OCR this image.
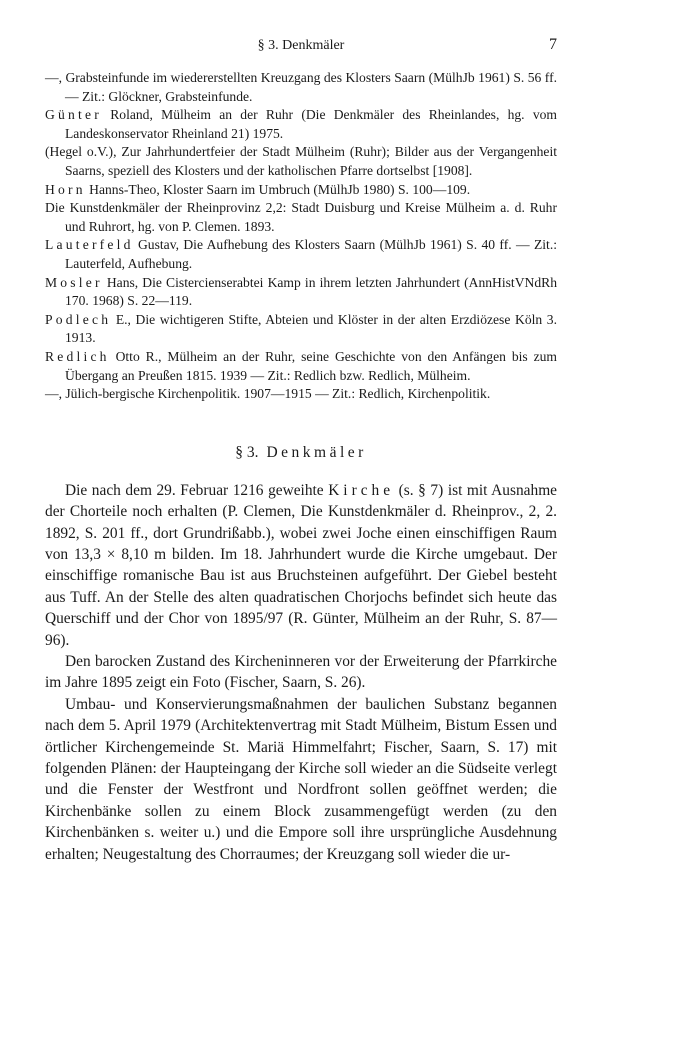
§ 3. Denkmäler	7
—, Grabsteinfunde im wiedererstellten Kreuzgang des Klosters Saarn (MülhJb 1961) S. 56 ff. — Zit.: Glöckner, Grabsteinfunde.
Günter Roland, Mülheim an der Ruhr (Die Denkmäler des Rheinlandes, hg. vom Landeskonservator Rheinland 21) 1975.
(Hegel o.V.), Zur Jahrhundertfeier der Stadt Mülheim (Ruhr); Bilder aus der Vergangenheit Saarns, speziell des Klosters und der katholischen Pfarre dortselbst [1908].
Horn Hanns-Theo, Kloster Saarn im Umbruch (MülhJb 1980) S. 100—109.
Die Kunstdenkmäler der Rheinprovinz 2,2: Stadt Duisburg und Kreise Mülheim a. d. Ruhr und Ruhrort, hg. von P. Clemen. 1893.
Lauterfeld Gustav, Die Aufhebung des Klosters Saarn (MülhJb 1961) S. 40 ff. — Zit.: Lauterfeld, Aufhebung.
Mosler Hans, Die Cistercienserabtei Kamp in ihrem letzten Jahrhundert (AnnHistVNdRh 170. 1968) S. 22—119.
Podlech E., Die wichtigeren Stifte, Abteien und Klöster in der alten Erzdiözese Köln 3. 1913.
Redlich Otto R., Mülheim an der Ruhr, seine Geschichte von den Anfängen bis zum Übergang an Preußen 1815. 1939 — Zit.: Redlich bzw. Redlich, Mülheim.
—, Jülich-bergische Kirchenpolitik. 1907—1915 — Zit.: Redlich, Kirchenpolitik.
§ 3. Denkmäler

Die nach dem 29. Februar 1216 geweihte Kirche (s. § 7) ist mit Ausnahme der Chorteile noch erhalten (P. Clemen, Die Kunstdenkmäler d. Rheinprov., 2, 2. 1892, S. 201 ff., dort Grundrißabb.), wobei zwei Joche einen einschiffigen Raum von 13,3 × 8,10 m bilden. Im 18. Jahrhundert wurde die Kirche umgebaut. Der einschiffige romanische Bau ist aus Bruchsteinen aufgeführt. Der Giebel besteht aus Tuff. An der Stelle des alten quadratischen Chorjochs befindet sich heute das Querschiff und der Chor von 1895/97 (R. Günter, Mülheim an der Ruhr, S. 87—96).

Den barocken Zustand des Kircheninneren vor der Erweiterung der Pfarrkirche im Jahre 1895 zeigt ein Foto (Fischer, Saarn, S. 26).

Umbau- und Konservierungsmaßnahmen der baulichen Substanz begannen nach dem 5. April 1979 (Architektenvertrag mit Stadt Mülheim, Bistum Essen und örtlicher Kirchengemeinde St. Mariä Himmelfahrt; Fischer, Saarn, S. 17) mit folgenden Plänen: der Haupteingang der Kirche soll wieder an die Südseite verlegt und die Fenster der Westfront und Nordfront sollen geöffnet werden; die Kirchenbänke sollen zu einem Block zusammengefügt werden (zu den Kirchenbänken s. weiter u.) und die Empore soll ihre ursprüngliche Ausdehnung erhalten; Neugestaltung des Chorraumes; der Kreuzgang soll wieder die ur-
